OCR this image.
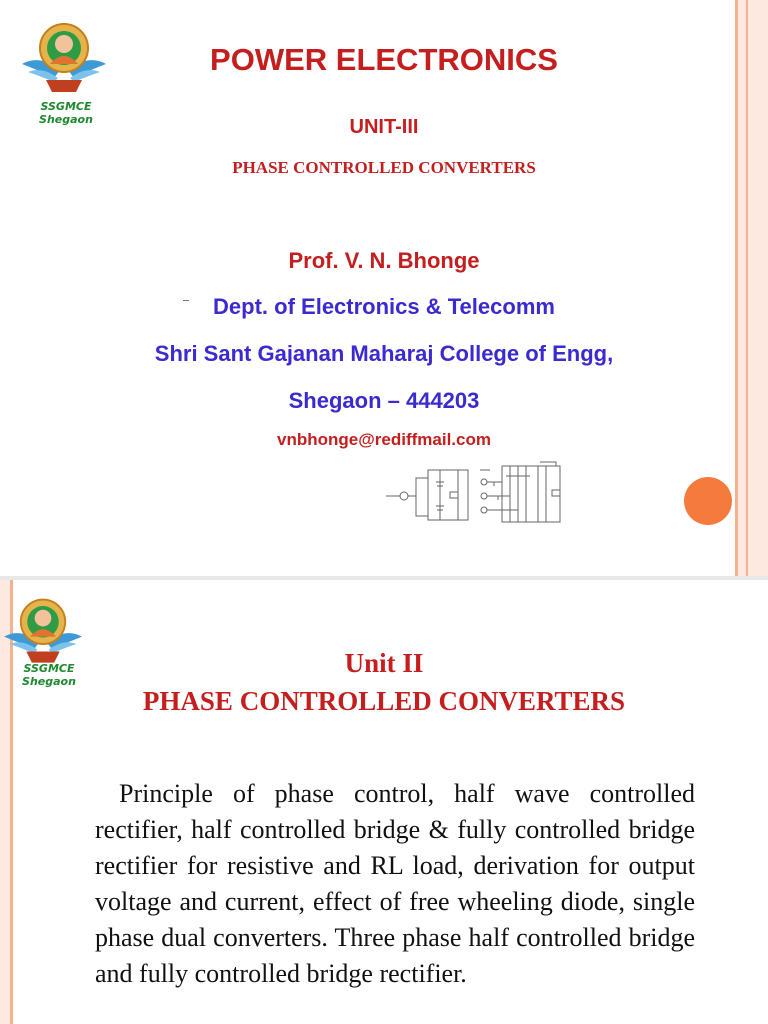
SSGMCE
Shegaon

POWER ELECTRONICS

UNIT-III

PHASE CONTROLLED CONVERTERS

Prof. V. N. Bhonge

Dept. of Electronics & Telecomm

Shri Sant Gajanan Maharaj College of Engg,

Shegaon – 444203

vnbhonge@rediffmail.com

SSGMCE
Shegaon

Unit II

PHASE CONTROLLED CONVERTERS

Principle of phase control, half wave controlled rectifier, half controlled bridge & fully controlled bridge rectifier for resistive and RL load, derivation for output voltage and current, effect of free wheeling diode, single phase dual converters. Three phase half controlled bridge and fully controlled bridge rectifier.
